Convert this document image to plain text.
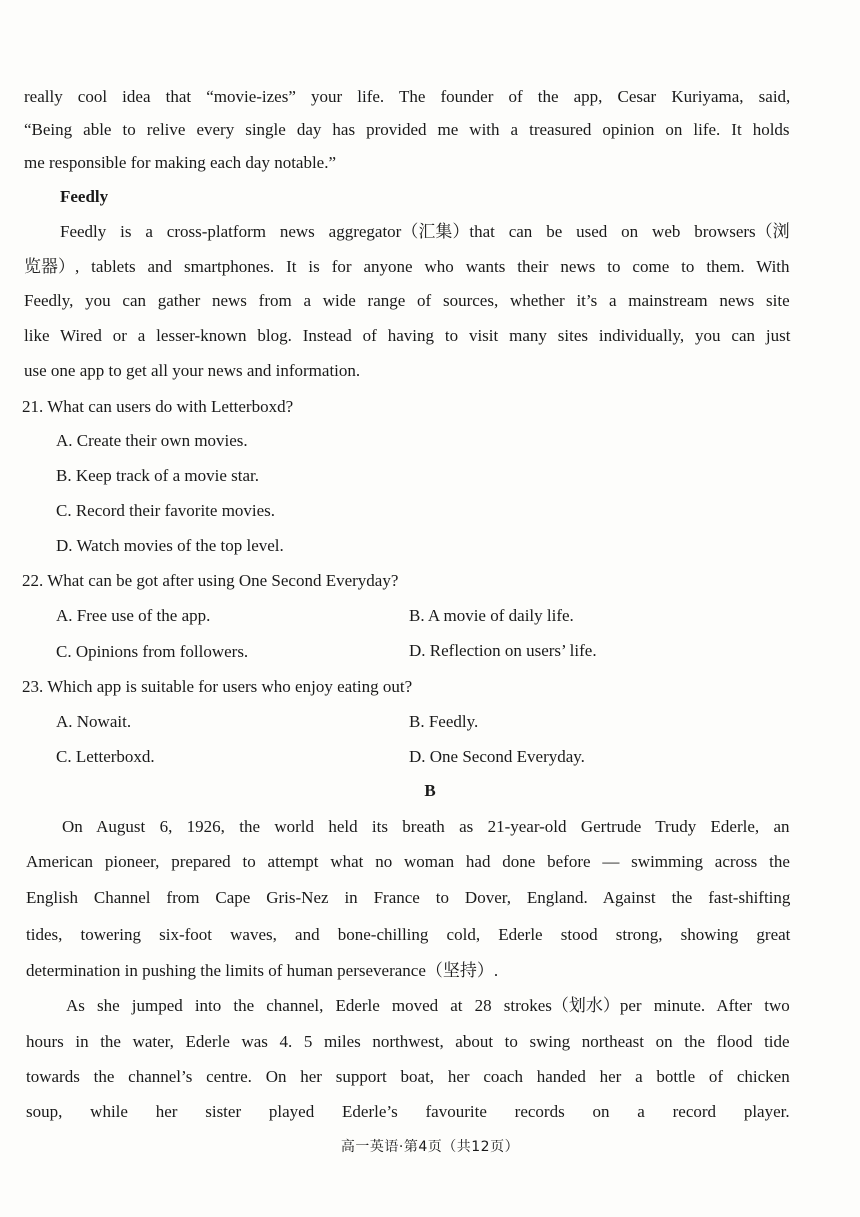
really cool idea that “movie-izes” your life. The founder of the app, Cesar Kuriyama, said,
“Being able to relive every single day has provided me with a treasured opinion on life. It holds
me responsible for making each day notable.”
Feedly
Feedly is a cross-platform news aggregator（汇集）that can be used on web browsers（浏
览器）, tablets and smartphones. It is for anyone who wants their news to come to them. With
Feedly, you can gather news from a wide range of sources, whether it’s a mainstream news site
like Wired or a lesser-known blog. Instead of having to visit many sites individually, you can just
use one app to get all your news and information.
21. What can users do with Letterboxd?
A. Create their own movies.
B. Keep track of a movie star.
C. Record their favorite movies.
D. Watch movies of the top level.
22. What can be got after using One Second Everyday?
A. Free use of the app.	B. A movie of daily life.
C. Opinions from followers.	D. Reflection on users’ life.
23. Which app is suitable for users who enjoy eating out?
A. Nowait.	B. Feedly.
C. Letterboxd.	D. One Second Everyday.
B
On August 6, 1926, the world held its breath as 21-year-old Gertrude Trudy Ederle, an
American pioneer, prepared to attempt what no woman had done before — swimming across the
English Channel from Cape Gris-Nez in France to Dover, England. Against the fast-shifting
tides, towering six-foot waves, and bone-chilling cold, Ederle stood strong, showing great
determination in pushing the limits of human perseverance（坚持）.
As she jumped into the channel, Ederle moved at 28 strokes（划水）per minute. After two
hours in the water, Ederle was 4. 5 miles northwest, about to swing northeast on the flood tide
towards the channel’s centre. On her support boat, her coach handed her a bottle of chicken
soup, while her sister played Ederle’s favourite records on a record player.
高一英语·第4页（共12页）
